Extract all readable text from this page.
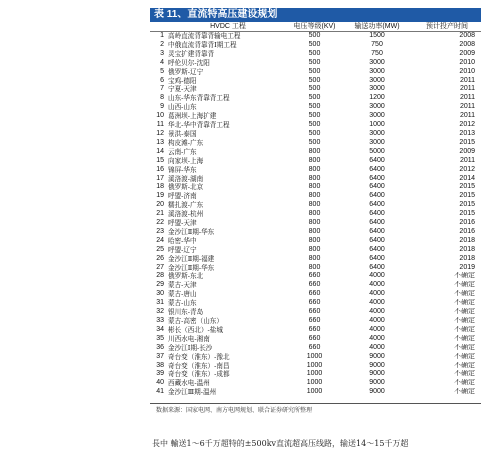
表 11、直流特高压建设规划
	HVDC 工程	电压等级(KV)	输送功率(MW)	预计投产时间
1	高岭直流背靠背输电工程	500	1500	2008
2	中俄直流背靠背Ⅰ期工程	500	750	2008
3	灵宝扩建背靠背	500	750	2009
4	呼伦贝尔-沈阳	500	3000	2010
5	俄罗斯-辽宁	500	3000	2010
6	宝鸡-德阳	500	3000	2011
7	宁夏-天津	500	3000	2011
8	山东-华东背靠背工程	500	1200	2011
9	山西-山东	500	3000	2011
10	葛洲坝-上海扩建	500	3000	2011
11	华北-华中背靠背工程	500	1000	2012
12	景洪-泰国	500	3000	2013
13	构皮滩-广东	500	3000	2015
14	云南-广东	800	5000	2009
15	向家坝-上海	800	6400	2011
16	锦屏-华东	800	6400	2012
17	溪洛渡-湖南	800	6400	2014
18	俄罗斯-北京	800	6400	2015
19	呼盟-济南	800	6400	2015
20	糯扎渡-广东	800	6400	2015
21	溪洛渡-杭州	800	6400	2015
22	呼盟-天津	800	6400	2016
23	金沙江Ⅱ期-华东	800	6400	2016
24	哈密-华中	800	6400	2018
25	呼盟-辽宁	800	6400	2018
26	金沙江Ⅱ期-福建	800	6400	2018
27	金沙江Ⅱ期-华东	800	6400	2019
28	俄罗斯-东北	660	4000	不确定
29	蒙古-天津	660	4000	不确定
30	蒙古-唐山	660	4000	不确定
31	蒙古-山东	660	4000	不确定
32	银川东-青岛	660	4000	不确定
33	蒙古-高密（山东）	660	4000	不确定
34	彬长（西北）-盐城	660	4000	不确定
35	川西水电-湘南	660	4000	不确定
36	金沙江Ⅰ期-长沙	660	4000	不确定
37	奇台变（淮东）-豫北	1000	9000	不确定
38	奇台变（淮东）-南昌	1000	9000	不确定
39	奇台变（淮东）-成都	1000	9000	不确定
40	西藏水电-温州	1000	9000	不确定
41	金沙江Ⅲ期-温州	1000	9000	不确定
数据来源：国家电网、南方电网规划、联合证券研究所整理
長中 輸送1～6千万超特的±500kv直流超高压线路，输送14～15千万超
